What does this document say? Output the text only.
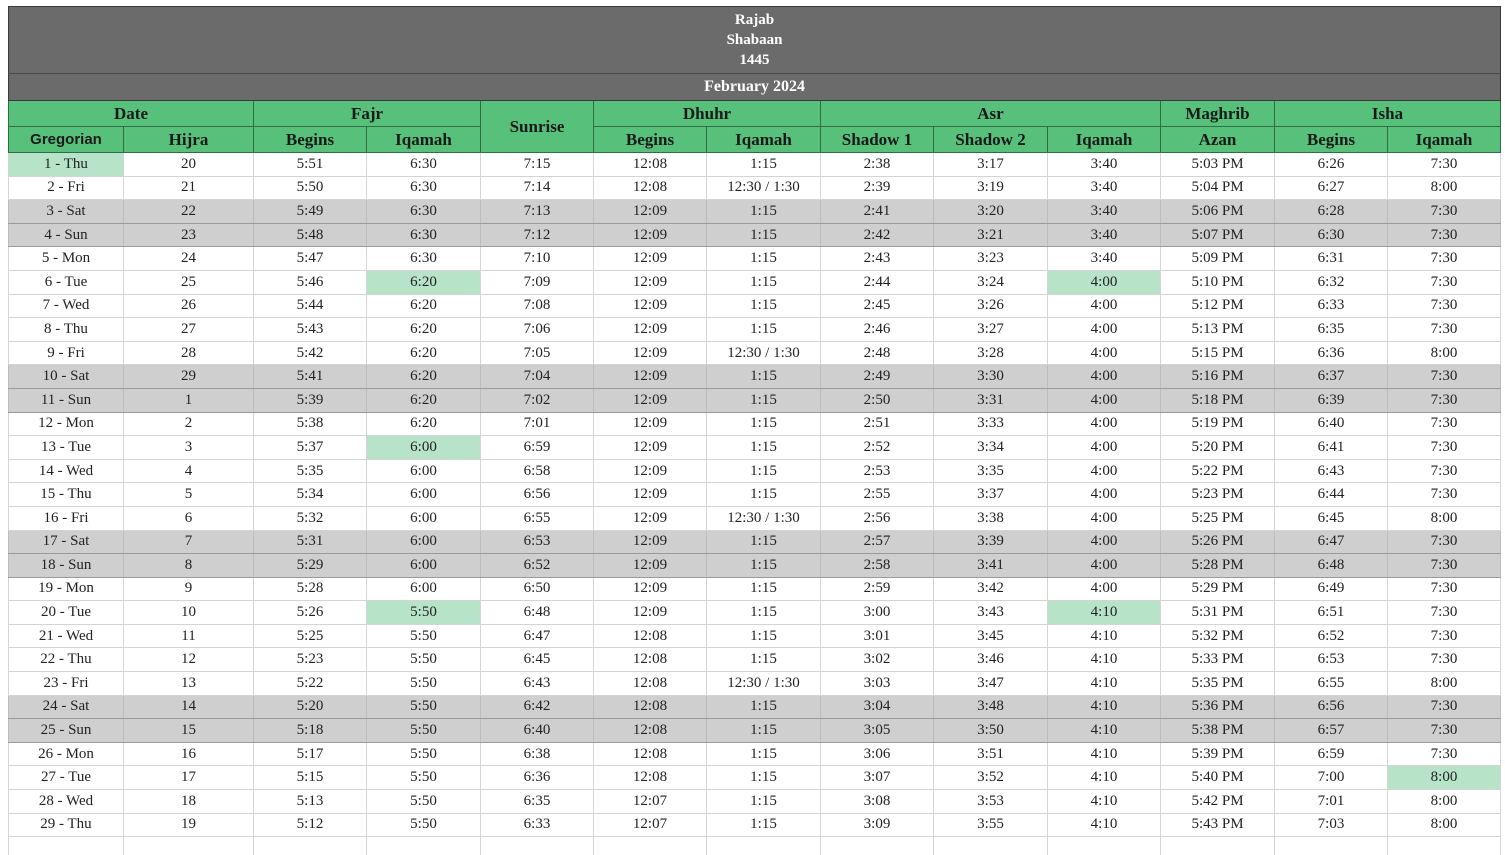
Rajab
Shabaan
1445												

February 2024												
Date		Fajr		Sunrise	Dhuhr		Asr			Maghrib	Isha	
Gregorian	Hijra	Begins	Iqamah		Begins	Iqamah	Shadow 1	Shadow 2	Iqamah	Azan	Begins	Iqamah
1 - Thu	20	5:51	6:30	7:15	12:08	1:15	2:38	3:17	3:40	5:03 PM	6:26	7:30
2 - Fri	21	5:50	6:30	7:14	12:08	12:30 / 1:30	2:39	3:19	3:40	5:04 PM	6:27	8:00
3 - Sat	22	5:49	6:30	7:13	12:09	1:15	2:41	3:20	3:40	5:06 PM	6:28	7:30
4 - Sun	23	5:48	6:30	7:12	12:09	1:15	2:42	3:21	3:40	5:07 PM	6:30	7:30
5 - Mon	24	5:47	6:30	7:10	12:09	1:15	2:43	3:23	3:40	5:09 PM	6:31	7:30
6 - Tue	25	5:46	6:20	7:09	12:09	1:15	2:44	3:24	4:00	5:10 PM	6:32	7:30
7 - Wed	26	5:44	6:20	7:08	12:09	1:15	2:45	3:26	4:00	5:12 PM	6:33	7:30
8 - Thu	27	5:43	6:20	7:06	12:09	1:15	2:46	3:27	4:00	5:13 PM	6:35	7:30
9 - Fri	28	5:42	6:20	7:05	12:09	12:30 / 1:30	2:48	3:28	4:00	5:15 PM	6:36	8:00
10 - Sat	29	5:41	6:20	7:04	12:09	1:15	2:49	3:30	4:00	5:16 PM	6:37	7:30
11 - Sun	1	5:39	6:20	7:02	12:09	1:15	2:50	3:31	4:00	5:18 PM	6:39	7:30
12 - Mon	2	5:38	6:20	7:01	12:09	1:15	2:51	3:33	4:00	5:19 PM	6:40	7:30
13 - Tue	3	5:37	6:00	6:59	12:09	1:15	2:52	3:34	4:00	5:20 PM	6:41	7:30
14 - Wed	4	5:35	6:00	6:58	12:09	1:15	2:53	3:35	4:00	5:22 PM	6:43	7:30
15 - Thu	5	5:34	6:00	6:56	12:09	1:15	2:55	3:37	4:00	5:23 PM	6:44	7:30
16 - Fri	6	5:32	6:00	6:55	12:09	12:30 / 1:30	2:56	3:38	4:00	5:25 PM	6:45	8:00
17 - Sat	7	5:31	6:00	6:53	12:09	1:15	2:57	3:39	4:00	5:26 PM	6:47	7:30
18 - Sun	8	5:29	6:00	6:52	12:09	1:15	2:58	3:41	4:00	5:28 PM	6:48	7:30
19 - Mon	9	5:28	6:00	6:50	12:09	1:15	2:59	3:42	4:00	5:29 PM	6:49	7:30
20 - Tue	10	5:26	5:50	6:48	12:09	1:15	3:00	3:43	4:10	5:31 PM	6:51	7:30
21 - Wed	11	5:25	5:50	6:47	12:08	1:15	3:01	3:45	4:10	5:32 PM	6:52	7:30
22 - Thu	12	5:23	5:50	6:45	12:08	1:15	3:02	3:46	4:10	5:33 PM	6:53	7:30
23 - Fri	13	5:22	5:50	6:43	12:08	12:30 / 1:30	3:03	3:47	4:10	5:35 PM	6:55	8:00
24 - Sat	14	5:20	5:50	6:42	12:08	1:15	3:04	3:48	4:10	5:36 PM	6:56	7:30
25 - Sun	15	5:18	5:50	6:40	12:08	1:15	3:05	3:50	4:10	5:38 PM	6:57	7:30
26 - Mon	16	5:17	5:50	6:38	12:08	1:15	3:06	3:51	4:10	5:39 PM	6:59	7:30
27 - Tue	17	5:15	5:50	6:36	12:08	1:15	3:07	3:52	4:10	5:40 PM	7:00	8:00
28 - Wed	18	5:13	5:50	6:35	12:07	1:15	3:08	3:53	4:10	5:42 PM	7:01	8:00
29 - Thu	19	5:12	5:50	6:33	12:07	1:15	3:09	3:55	4:10	5:43 PM	7:03	8:00
